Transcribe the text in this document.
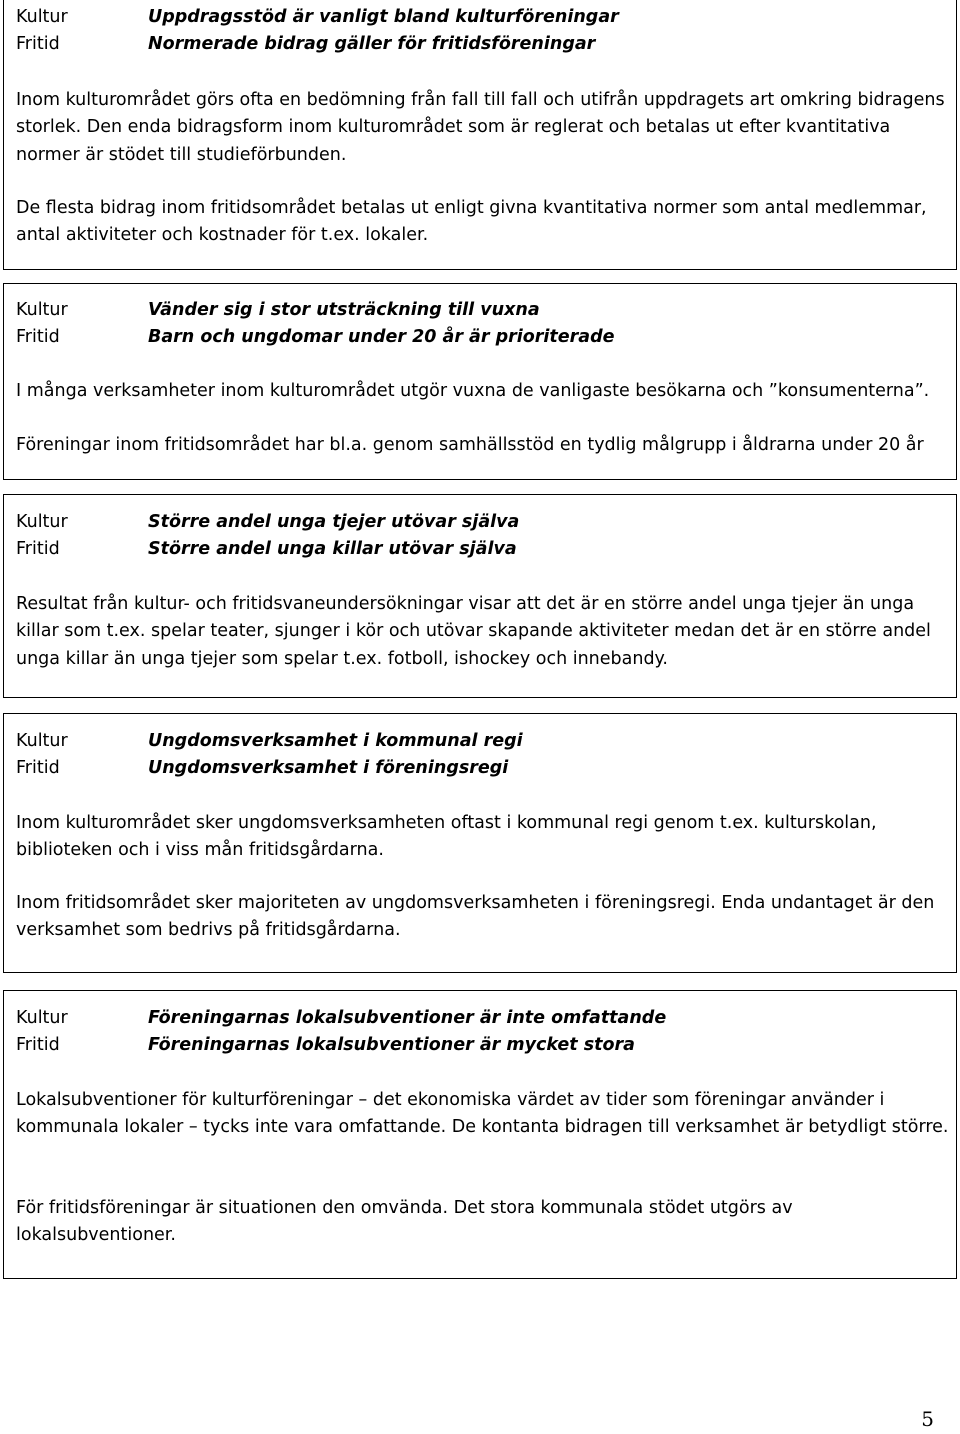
Kultur
Fritid
Uppdragsstöd är vanligt bland kulturföreningar
Normerade bidrag gäller för fritidsföreningar

Inom kulturområdet görs ofta en bedömning från fall till fall och utifrån uppdragets art omkring bidragens storlek. Den enda bidragsform inom kulturområdet som är reglerat och betalas ut efter kvantitativa normer är stödet till studieförbunden.

De flesta bidrag inom fritidsområdet betalas ut enligt givna kvantitativa normer som antal medlemmar, antal aktiviteter och kostnader för t.ex. lokaler.

Kultur
Fritid
Vänder sig i stor utsträckning till vuxna
Barn och ungdomar under 20 år är prioriterade

I många verksamheter inom kulturområdet utgör vuxna de vanligaste besökarna och ”konsumenterna”.

Föreningar inom fritidsområdet har bl.a. genom samhällsstöd en tydlig målgrupp i åldrarna under 20 år

Kultur
Fritid
Större andel unga tjejer utövar själva
Större andel unga killar utövar själva

Resultat från kultur- och fritidsvaneundersökningar visar att det är en större andel unga tjejer än unga killar som t.ex. spelar teater, sjunger i kör och utövar skapande aktiviteter medan det är en större andel unga killar än unga tjejer som spelar t.ex. fotboll, ishockey och innebandy.

Kultur
Fritid
Ungdomsverksamhet i kommunal regi
Ungdomsverksamhet i föreningsregi

Inom kulturområdet sker ungdomsverksamheten oftast i kommunal regi genom t.ex. kulturskolan, biblioteken och i viss mån fritidsgårdarna.

Inom fritidsområdet sker majoriteten av ungdomsverksamheten i föreningsregi. Enda undantaget är den verksamhet som bedrivs på fritidsgårdarna.

Kultur
Fritid
Föreningarnas lokalsubventioner är inte omfattande
Föreningarnas lokalsubventioner är mycket stora

Lokalsubventioner för kulturföreningar – det ekonomiska värdet av tider som föreningar använder i kommunala lokaler – tycks inte vara omfattande. De kontanta bidragen till verksamhet är betydligt större.

För fritidsföreningar är situationen den omvända. Det stora kommunala stödet utgörs av lokalsubventioner.

5
